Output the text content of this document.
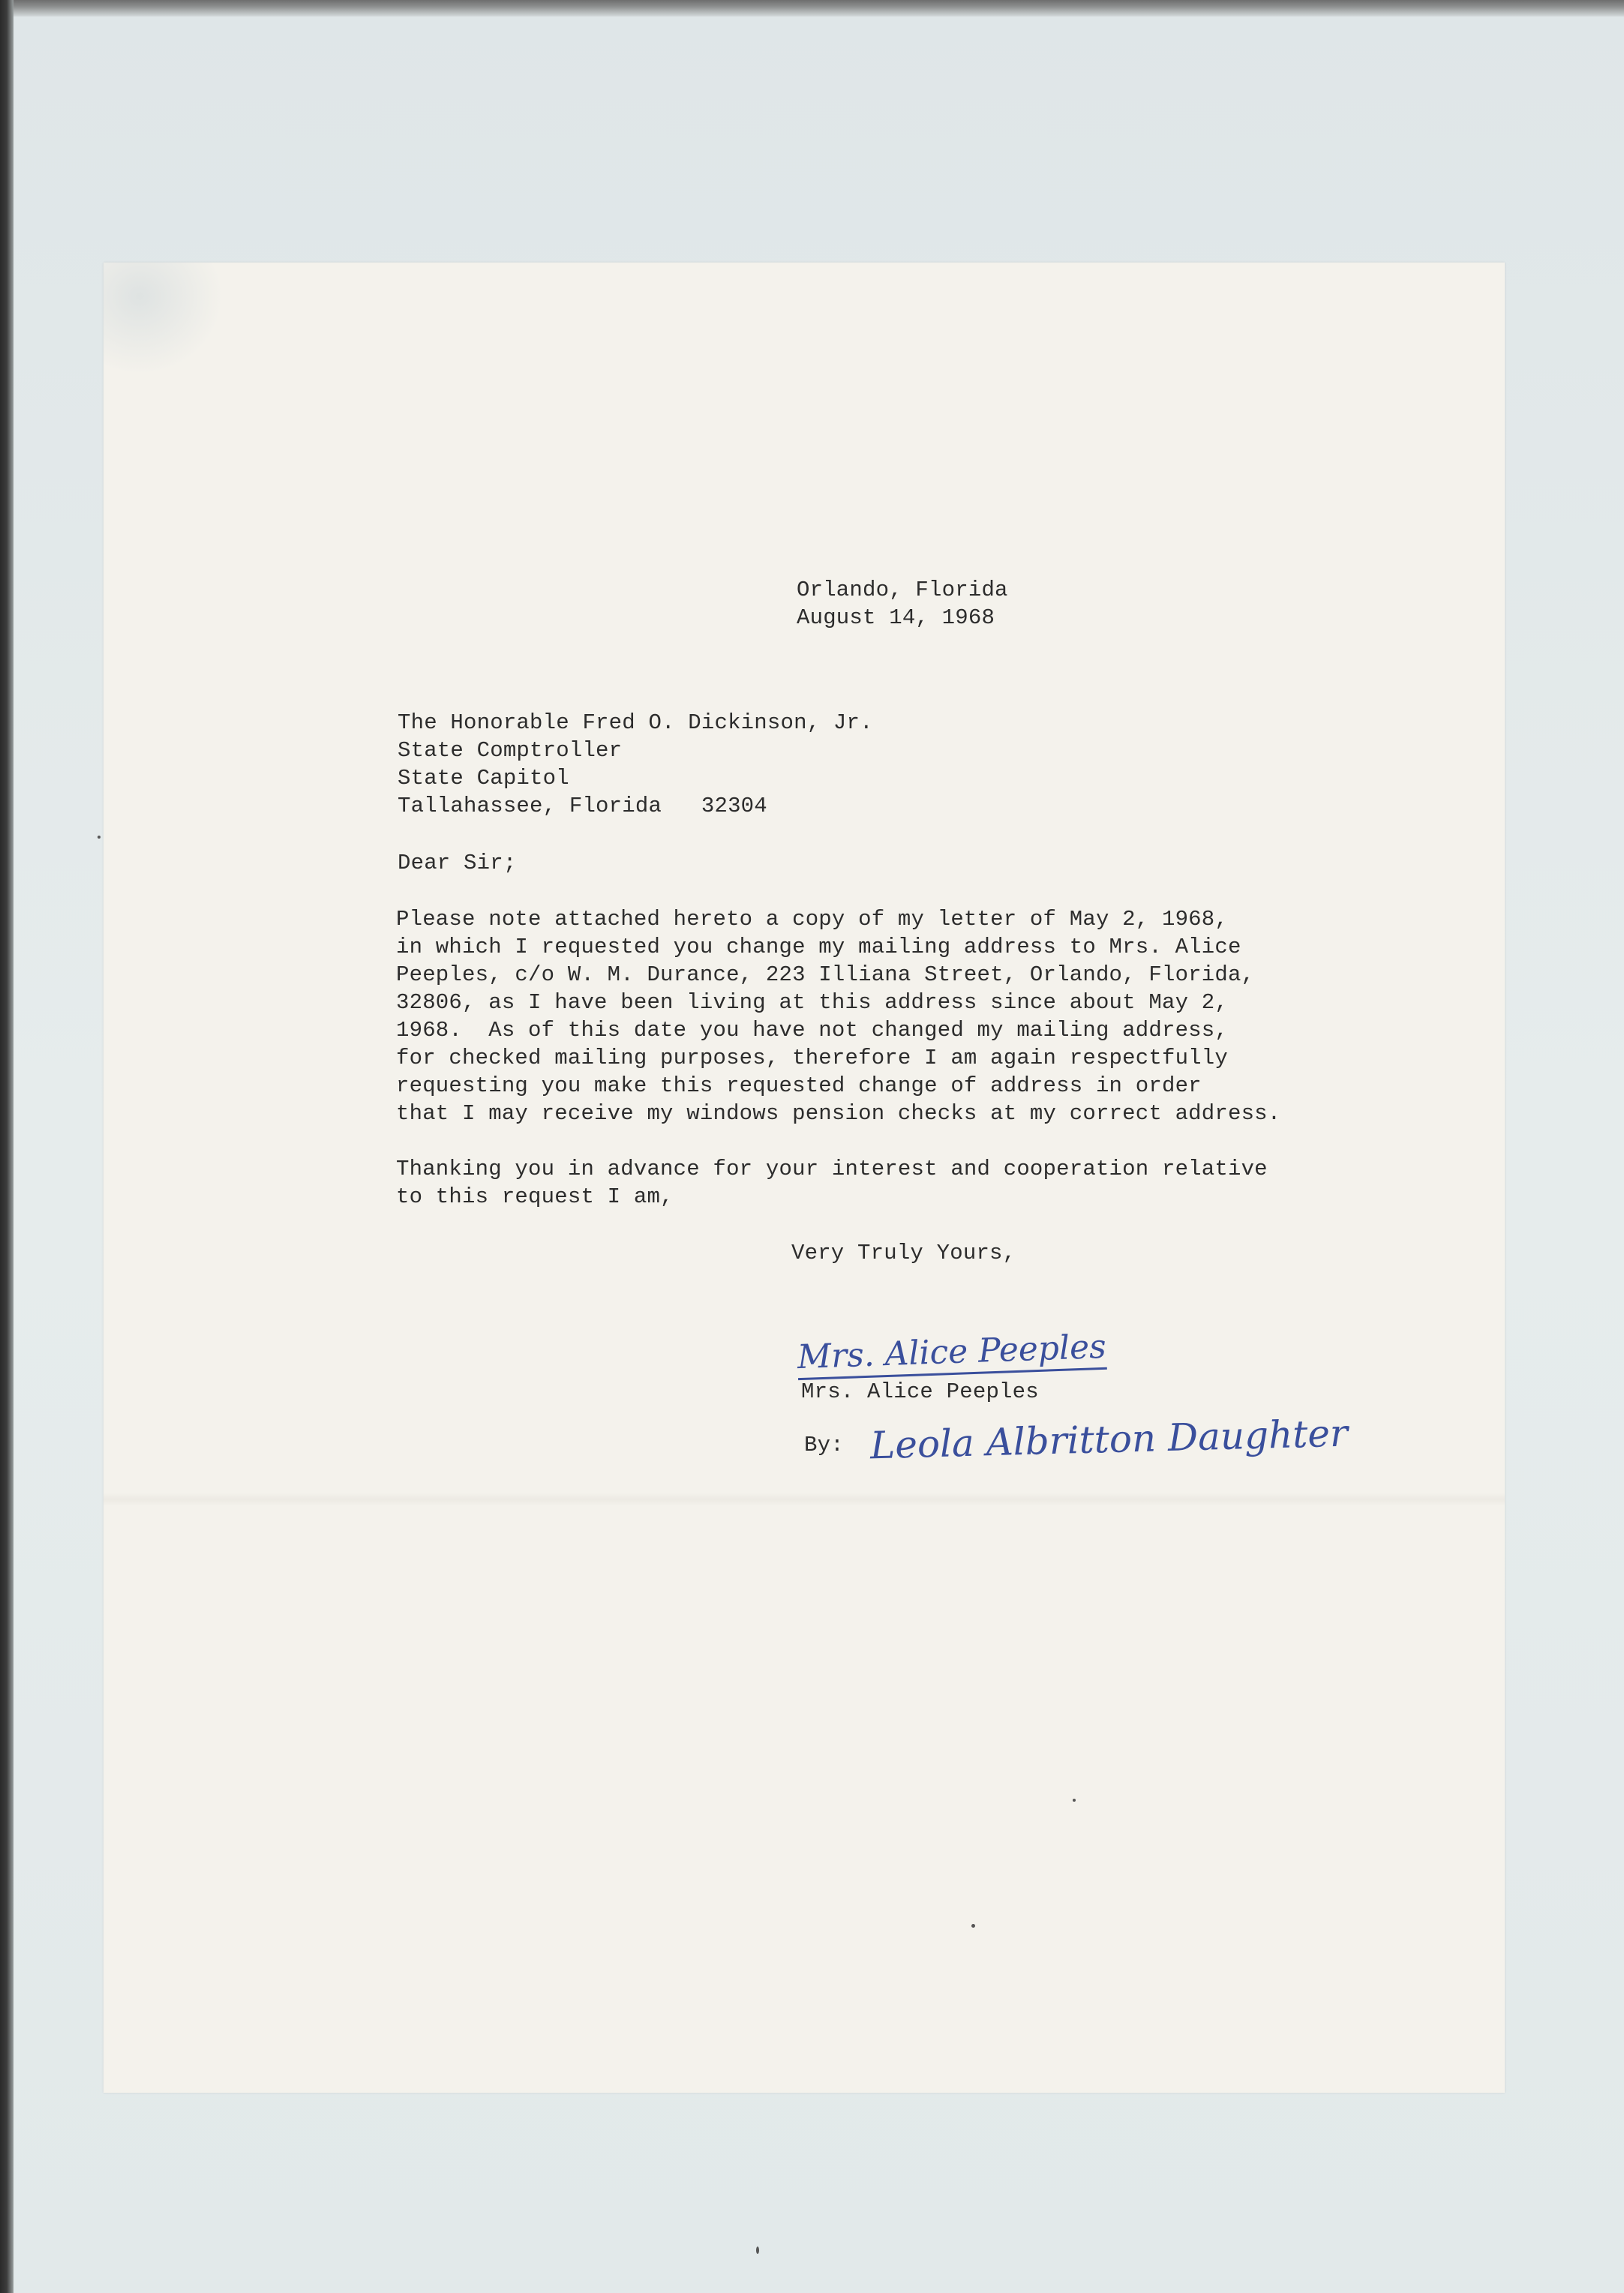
Orlando, Florida
August 14, 1968
The Honorable Fred O. Dickinson, Jr.
State Comptroller
State Capitol
Tallahassee, Florida   32304
Dear Sir;
Please note attached hereto a copy of my letter of May 2, 1968,
in which I requested you change my mailing address to Mrs. Alice
Peeples, c/o W. M. Durance, 223 Illiana Street, Orlando, Florida,
32806, as I have been living at this address since about May 2,
1968.  As of this date you have not changed my mailing address,
for checked mailing purposes, therefore I am again respectfully
requesting you make this requested change of address in order
that I may receive my windows pension checks at my correct address.
Thanking you in advance for your interest and cooperation relative
to this request I am,
Very Truly Yours,
Mrs. Alice Peeples
Mrs. Alice Peeples
By: Leola Albritton Daughter
